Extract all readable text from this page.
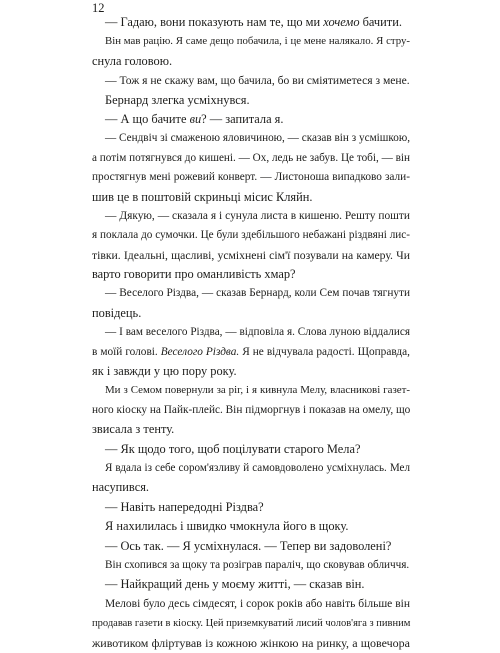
12
— Гадаю, вони показують нам те, що ми хочемо бачити.
Він мав рацію. Я саме дещо побачила, і це мене налякало. Я стру-
снула головою.
— Тож я не скажу вам, що бачила, бо ви сміятиметеся з мене.
Бернард злегка усміхнувся.
— А що бачите ви? — запитала я.
— Сендвіч зі смаженою яловичиною, — сказав він з усмішкою,
а потім потягнувся до кишені. — Ох, ледь не забув. Це тобі, — він
простягнув мені рожевий конверт. — Листоноша випадково зали-
шив це в поштовій скриньці місис Кляйн.
— Дякую, — сказала я і сунула листа в кишеню. Решту пошти
я поклала до сумочки. Це були здебільшого небажані різдвяні лис-
тівки. Ідеальні, щасливі, усміхнені сім'ї позували на камеру. Чи
варто говорити про оманливість хмар?
— Веселого Різдва, — сказав Бернард, коли Сем почав тягнути
повідець.
— І вам веселого Різдва, — відповіла я. Слова луною віддалися
в моїй голові. Веселого Різдва. Я не відчувала радості. Щоправда,
як і завжди у цю пору року.
Ми з Семом повернули за ріг, і я кивнула Мелу, власникові газет-
ного кіоску на Пайк-плейс. Він підморгнув і показав на омелу, що
звисала з тенту.
— Як щодо того, щоб поцілувати старого Мела?
Я вдала із себе сором'язливу й самовдоволено усміхнулась. Мел
насупився.
— Навіть напередодні Різдва?
Я нахилилась і швидко чмокнула його в щоку.
— Ось так. — Я усміхнулася. — Тепер ви задоволені?
Він схопився за щоку та розіграв параліч, що сковував обличчя.
— Найкращий день у моєму житті, — сказав він.
Мелові було десь сімдесят, і сорок років або навіть більше він
продавав газети в кіоску. Цей приземкуватий лисий чолов'яга з пивним
животиком фліртував із кожною жінкою на ринку, а щовечора
